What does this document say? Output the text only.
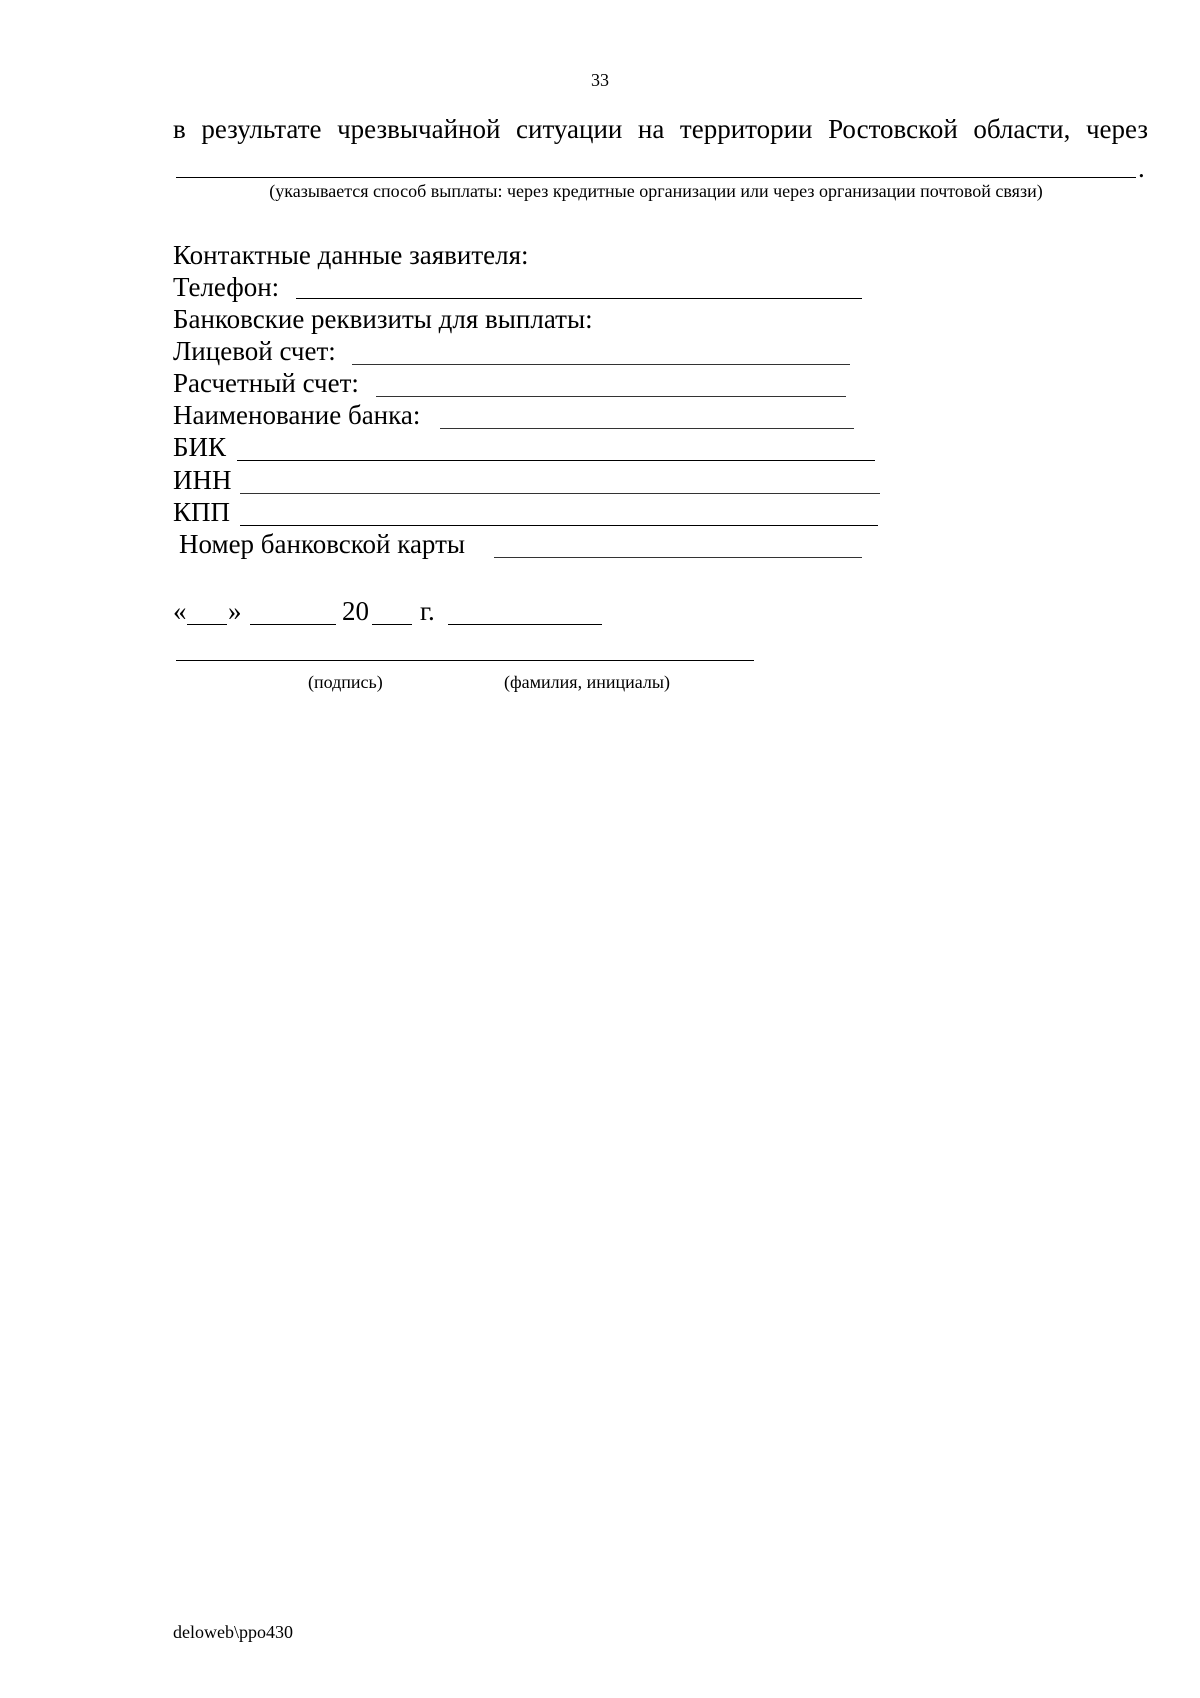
33
в результате чрезвычайной ситуации на территории Ростовской области, через
.
(указывается способ выплаты: через кредитные организации или через организации почтовой связи)
Контактные данные заявителя:
Телефон:
Банковские реквизиты для выплаты:
Лицевой счет:
Расчетный счет:
Наименование банка:
БИК
ИНН
КПП
Номер банковской карты
« »	20 г.
(подпись)	(фамилия, инициалы)
deloweb\ppo430
